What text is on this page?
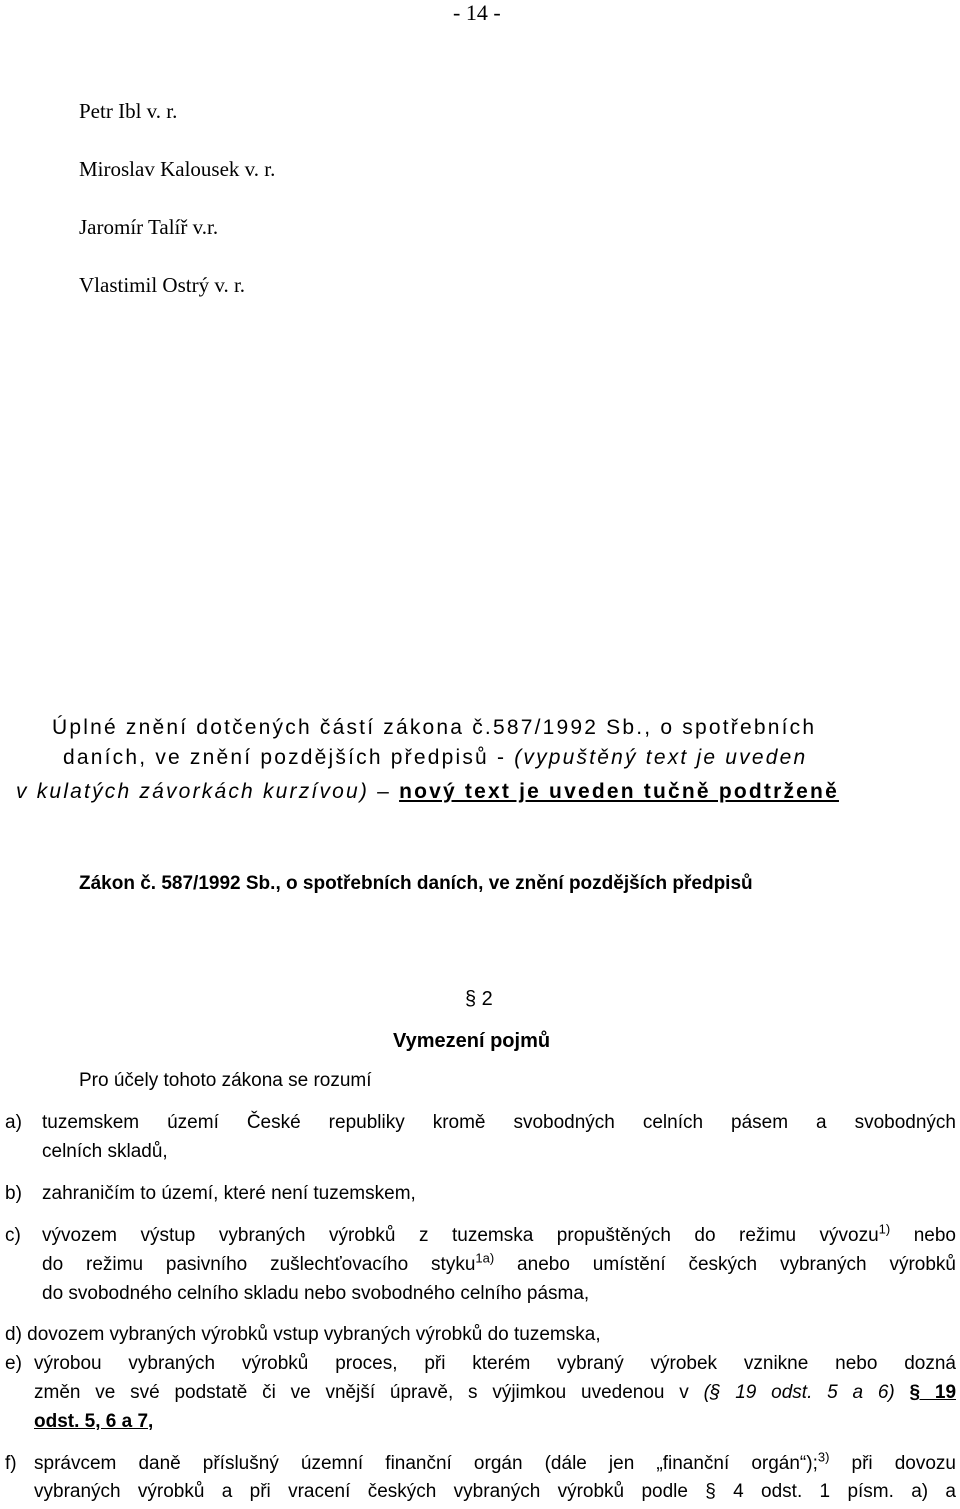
- 14 -
Petr Ibl v. r.
Miroslav Kalousek v. r.
Jaromír Talíř v.r.
Vlastimil Ostrý v. r.
Úplné znění dotčených částí zákona č.587/1992 Sb., o spotřebních
daních, ve znění pozdějších předpisů - (vypuštěný text je uveden
v kulatých závorkách kurzívou) – nový text je uveden tučně podtrženě
Zákon č. 587/1992 Sb., o spotřebních daních, ve znění pozdějších předpisů
§ 2
Vymezení pojmů
Pro účely tohoto zákona se rozumí
a) tuzemskem území České republiky kromě svobodných celních pásem a svobodných
celních skladů,
b) zahraničím to území, které není tuzemskem,
c) vývozem výstup vybraných výrobků z tuzemska propuštěných do režimu vývozu$^{1)}$ nebo
do režimu pasivního zušlechťovacího styku$^{1a)}$ anebo umístění českých vybraných výrobků
do svobodného celního skladu nebo svobodného celního pásma,
d) dovozem vybraných výrobků vstup vybraných výrobků do tuzemska,
e) výrobou vybraných výrobků proces, při kterém vybraný výrobek vznikne nebo dozná
změn ve své podstatě či ve vnější úpravě, s výjimkou uvedenou v (§ 19 odst. 5 a 6) § 19
odst. 5, 6 a 7,
f) správcem daně příslušný územní finanční orgán (dále jen „finanční orgán“);$^{3)}$ při dovozu
vybraných výrobků a při vracení českých vybraných výrobků podle § 4 odst. 1 písm. a) a
